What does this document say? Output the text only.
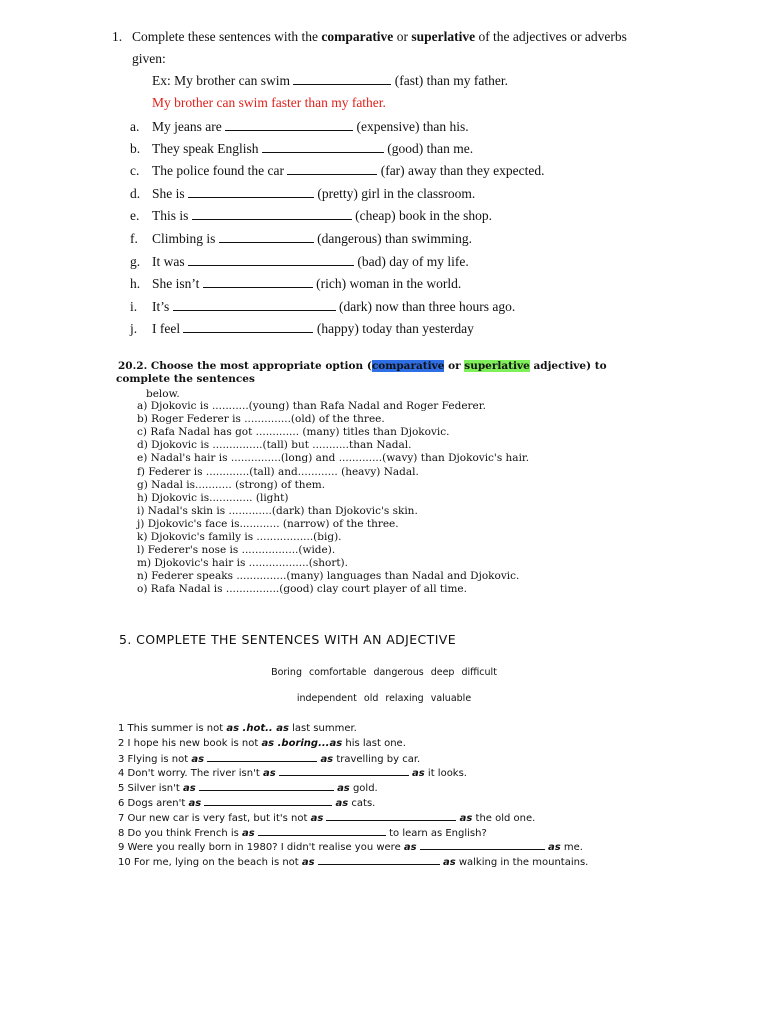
1. Complete these sentences with the comparative or superlative of the adjectives or adverbs
given:
Ex: My brother can swim	(fast) than my father.
My brother can swim faster than my father.
a. My jeans are	(expensive) than his.
b. They speak English	(good) than me.
c. The police found the car	(far) away than they expected.
d. She is	(pretty) girl in the classroom.
e. This is	(cheap) book in the shop.
f. Climbing is	(dangerous) than swimming.
g. It was	(bad) day of my life.
h. She isn’t	(rich) woman in the world.
i. It’s	(dark) now than three hours ago.
j. I feel	(happy) today than yesterday
20.2. Choose the most appropriate option (comparative or superlative adjective) to
complete the sentences
below.
a) Djokovic is ...........(young) than Rafa Nadal and Roger Federer.
b) Roger Federer is ..............(old) of the three.
c) Rafa Nadal has got ............. (many) titles than Djokovic.
d) Djokovic is ...............(tall) but ...........than Nadal.
e) Nadal's hair is ...............(long) and .............(wavy) than Djokovic's hair.
f) Federer is .............(tall) and............ (heavy) Nadal.
g) Nadal is........... (strong) of them.
h) Djokovic is............. (light)
i) Nadal's skin is .............(dark) than Djokovic's skin.
j) Djokovic's face is............ (narrow) of the three.
k) Djokovic's family is .................(big).
l) Federer's nose is .................(wide).
m) Djokovic's hair is ..................(short).
n) Federer speaks ...............(many) languages than Nadal and Djokovic.
o) Rafa Nadal is ................(good) clay court player of all time.
5. COMPLETE THE SENTENCES WITH AN ADJECTIVE
Boring comfortable dangerous deep difficult
independent old relaxing valuable
1 This summer is not as .hot.. as last summer.
2 I hope his new book is not as .boring...as his last one.
3 Flying is not as	as travelling by car.
4 Don't worry. The river isn't as	as it looks.
5 Silver isn't as	as gold.
6 Dogs aren't as	as cats.
7 Our new car is very fast, but it's not as	as the old one.
8 Do you think French is as	to learn as English?
9 Were you really born in 1980? I didn't realise you were as	as me.
10 For me, lying on the beach is not as	as walking in the mountains.
